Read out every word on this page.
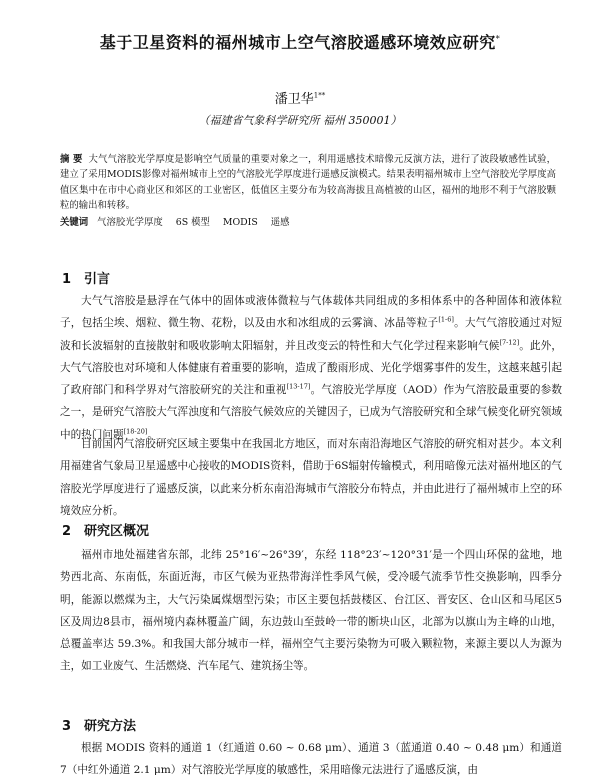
基于卫星资料的福州城市上空气溶胶遥感环境效应研究*
潘卫华$^{1**}$
（福建省气象科学研究所 福州 350001）
摘 要 大气气溶胶光学厚度是影响空气质量的重要对象之一，利用遥感技术暗像元反演方法，进行了波段敏感性试验，建立了采用MODIS影像对福州城市上空的气溶胶光学厚度进行遥感反演模式。结果表明福州城市上空气溶胶光学厚度高值区集中在市中心商业区和郊区的工业密区，低值区主要分布为较高海拔且高植被的山区，福州的地形不利于气溶胶颗粒的输出和转移。
关键词 气溶胶光学厚度 6S 模型 MODIS 遥感
1 引言
大气气溶胶是悬浮在气体中的固体或液体微粒与气体载体共同组成的多相体系中的各种固体和液体粒子，包括尘埃、烟粒、微生物、花粉，以及由水和冰组成的云雾滴、冰晶等粒子[1-6]。大气气溶胶通过对短波和长波辐射的直接散射和吸收影响太阳辐射，并且改变云的特性和大气化学过程来影响气候[7-12]。此外，大气气溶胶也对环境和人体健康有着重要的影响，造成了酸雨形成、光化学烟雾事件的发生，这越来越引起了政府部门和科学界对气溶胶研究的关注和重视[13-17]。气溶胶光学厚度（AOD）作为气溶胶最重要的参数之一，是研究气溶胶大气浑浊度和气溶胶气候效应的关键因子，已成为气溶胶研究和全球气候变化研究领域中的热门问题[18-20]。
目前国内气溶胶研究区域主要集中在我国北方地区，而对东南沿海地区气溶胶的研究相对甚少。本文利用福建省气象局卫星遥感中心接收的MODIS资料，借助于6S辐射传输模式，利用暗像元法对福州地区的气溶胶光学厚度进行了遥感反演，以此来分析东南沿海城市气溶胶分布特点，并由此进行了福州城市上空的环境效应分析。
2 研究区概况
福州市地处福建省东部，北纬 25°16′~26°39′，东经 118°23′~120°31′是一个四山环保的盆地，地势西北高、东南低，东面近海，市区气候为亚热带海洋性季风气候，受冷暖气流季节性交换影响，四季分明，能源以燃煤为主，大气污染属煤烟型污染；市区主要包括鼓楼区、台江区、晋安区、仓山区和马尾区5区及周边8县市，福州境内森林覆盖广阔，东边鼓山至鼓岭一带的断块山区，北部为以旗山为主峰的山地，总覆盖率达 59.3%。和我国大部分城市一样，福州空气主要污染物为可吸入颗粒物，来源主要以人为源为主，如工业废气、生活燃烧、汽车尾气、建筑扬尘等。
3 研究方法
根据 MODIS 资料的通道 1（红通道 0.60 ~ 0.68 μm）、通道 3（蓝通道 0.40 ~ 0.48 μm）和通道 7（中红外通道 2.1 μm）对气溶胶光学厚度的敏感性，采用暗像元法进行了遥感反演，由
